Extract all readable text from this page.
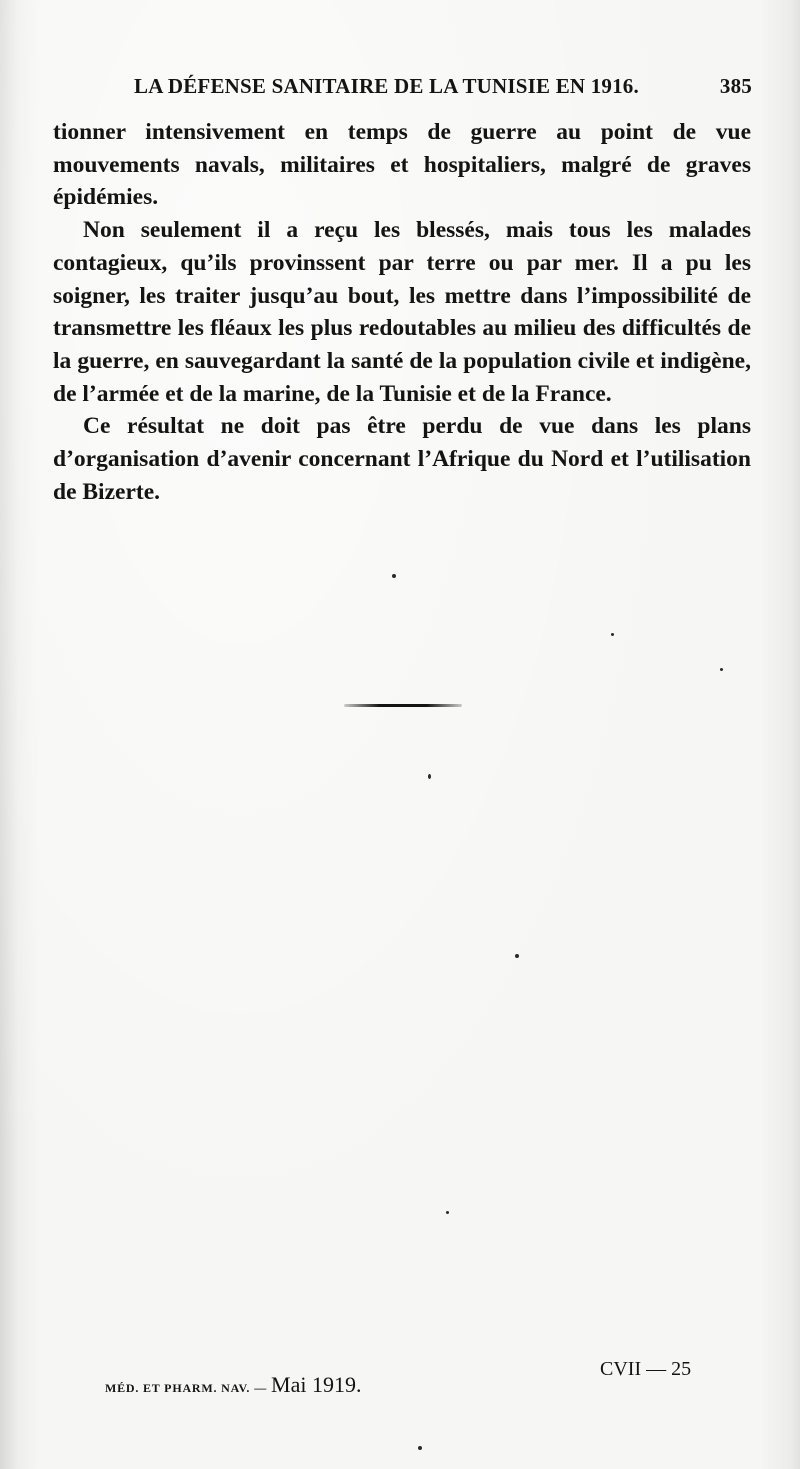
LA DÉFENSE SANITAIRE DE LA TUNISIE EN 1916.	385

tionner intensivement en temps de guerre au point de vue mouvements navals, militaires et hospitaliers, malgré de graves épidémies.

Non seulement il a reçu les blessés, mais tous les malades contagieux, qu’ils provinssent par terre ou par mer. Il a pu les soigner, les traiter jusqu’au bout, les mettre dans l’impossibilité de transmettre les fléaux les plus redoutables au milieu des difficultés de la guerre, en sauvegardant la santé de la population civile et indigène, de l’armée et de la marine, de la Tunisie et de la France.

Ce résultat ne doit pas être perdu de vue dans les plans d’organisation d’avenir concernant l’Afrique du Nord et l’utilisation de Bizerte.

MÉD. ET PHARM. NAV. — Mai 1919.
CVII — 25
